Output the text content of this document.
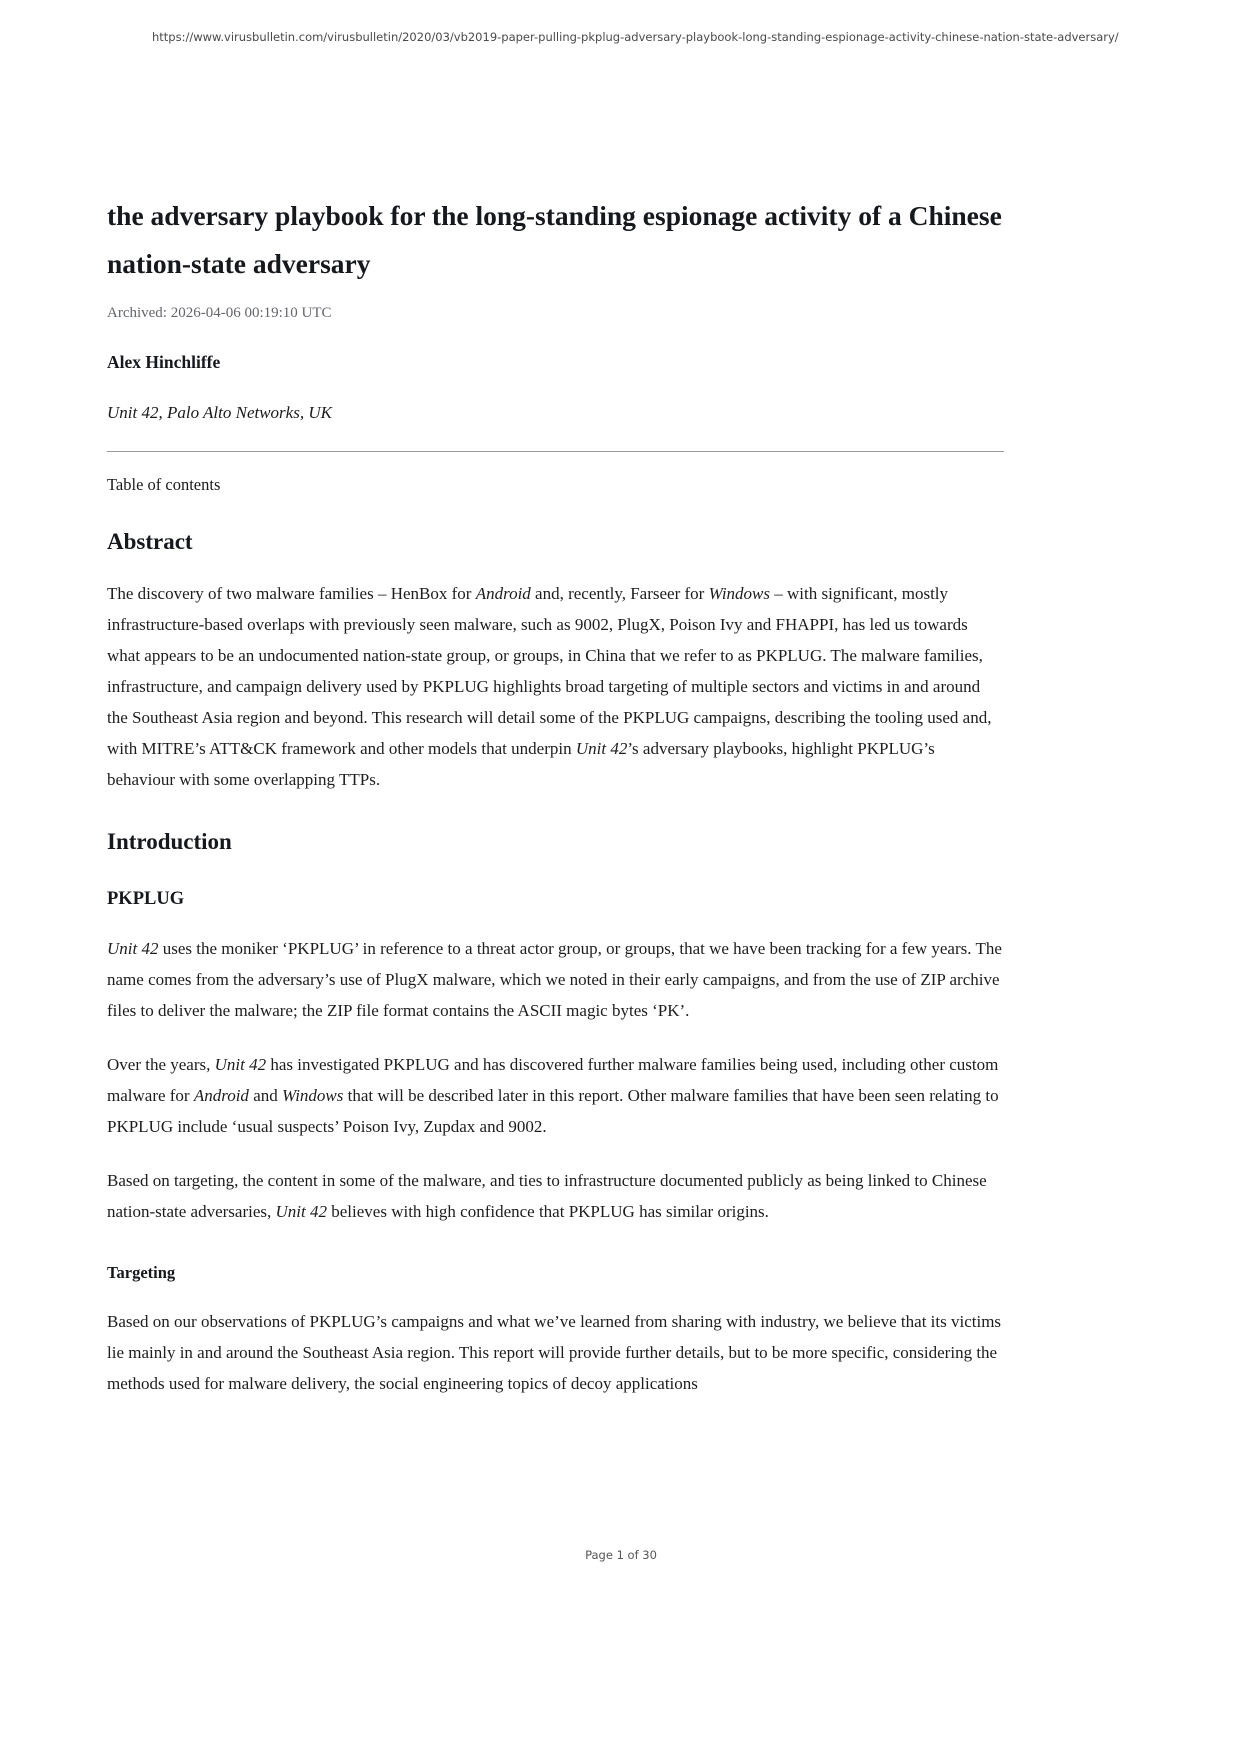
https://www.virusbulletin.com/virusbulletin/2020/03/vb2019-paper-pulling-pkplug-adversary-playbook-long-standing-espionage-activity-chinese-nation-state-adversary/
the adversary playbook for the long-standing espionage activity of a Chinese nation-state adversary

Archived: 2026-04-06 00:19:10 UTC

Alex Hinchliffe

Unit 42, Palo Alto Networks, UK

Table of contents

Abstract

The discovery of two malware families – HenBox for Android and, recently, Farseer for Windows – with significant, mostly infrastructure-based overlaps with previously seen malware, such as 9002, PlugX, Poison Ivy and FHAPPI, has led us towards what appears to be an undocumented nation-state group, or groups, in China that we refer to as PKPLUG. The malware families, infrastructure, and campaign delivery used by PKPLUG highlights broad targeting of multiple sectors and victims in and around the Southeast Asia region and beyond. This research will detail some of the PKPLUG campaigns, describing the tooling used and, with MITRE’s ATT&CK framework and other models that underpin Unit 42’s adversary playbooks, highlight PKPLUG’s behaviour with some overlapping TTPs.

Introduction
PKPLUG

Unit 42 uses the moniker ‘PKPLUG’ in reference to a threat actor group, or groups, that we have been tracking for a few years. The name comes from the adversary’s use of PlugX malware, which we noted in their early campaigns, and from the use of ZIP archive files to deliver the malware; the ZIP file format contains the ASCII magic bytes ‘PK’.

Over the years, Unit 42 has investigated PKPLUG and has discovered further malware families being used, including other custom malware for Android and Windows that will be described later in this report. Other malware families that have been seen relating to PKPLUG include ‘usual suspects’ Poison Ivy, Zupdax and 9002.

Based on targeting, the content in some of the malware, and ties to infrastructure documented publicly as being linked to Chinese nation-state adversaries, Unit 42 believes with high confidence that PKPLUG has similar origins.

Targeting

Based on our observations of PKPLUG’s campaigns and what we’ve learned from sharing with industry, we believe that its victims lie mainly in and around the Southeast Asia region. This report will provide further details, but to be more specific, considering the methods used for malware delivery, the social engineering topics of decoy applications

Page 1 of 30
